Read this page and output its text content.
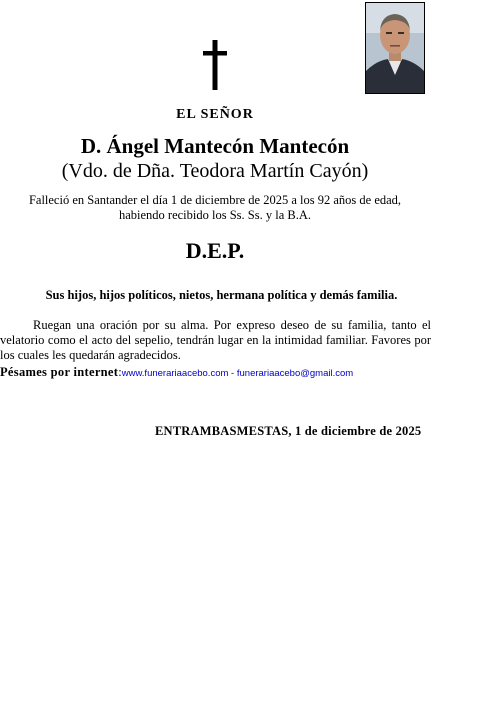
EL SEÑOR
D. Ángel Mantecón Mantecón
(Vdo. de Dña. Teodora Martín Cayón)
Falleció en Santander el día 1 de diciembre de 2025 a los 92 años de edad,
habiendo recibido los Ss. Ss. y la B.A.
D.E.P.
Sus hijos, hijos políticos, nietos, hermana política y demás familia.
Ruegan una oración por su alma. Por expreso deseo de su familia, tanto el velatorio como el acto del sepelio, tendrán lugar en la intimidad familiar. Favores por los cuales les quedarán agradecidos.
Pésames por internet:www.funerariaacebo.com - funerariaacebo@gmail.com
ENTRAMBASMESTAS, 1 de diciembre de 2025
